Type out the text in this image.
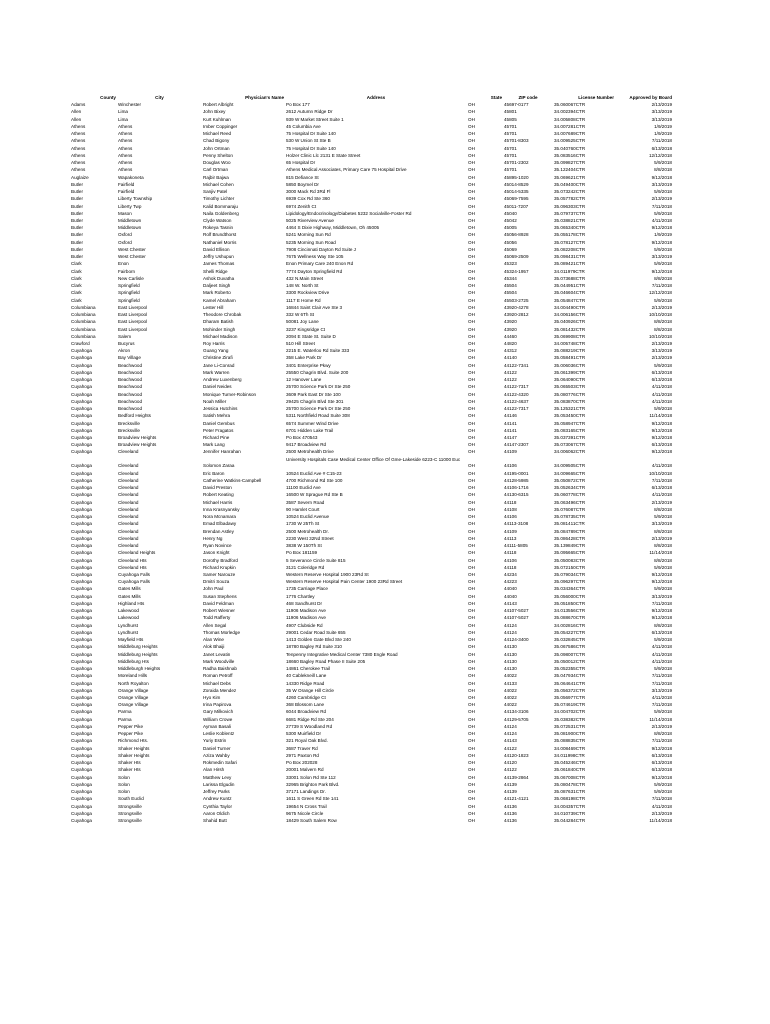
County	City	Physician's Name	Address	State	ZIP code	License Number	Approved by Board
Adams	Winchester	Robert Albright	Po Box 177	OH	45697-0177	35.060067CTR	2/13/2019
Allen	Lima	John Bixey	2612 Autumn Ridge Dr	OH	45801	34.002394CTR	3/13/2019
Allen	Lima	Kurt Kuhlman	939 W Market Street Suite 1	OH	45805	34.005808CTR	3/13/2019
Athens	Athens	Imber Coppinger	45 Columbia Ave	OH	45701	34.007281CTR	1/9/2019
Athens	Athens	Michael Reed	75 Hospital Dr Suite 140	OH	45701	34.007689CTR	1/9/2019
Athens	Athens	Chad Bigony	530 W Union St Ste B	OH	45701-8303	34.009525CTR	7/11/2018
Athens	Athens	John Ortman	75 Hospital Dr Suite 140	OH	45701	35.040760CTR	6/13/2018
Athens	Athens	Penny Shelton	Holzer Clinic Llc 2131 E State Street	OH	45701	35.083516CTR	12/12/2018
Athens	Athens	Douglas Woo	65 Hospital Dr	OH	45701-2302	35.099827CTR	5/9/2018
Athens	Athens	Carl Ortman	Athens Medical Associates, Primary Care 75 Hospital Drive	OH	45701	35.122404CTR	8/8/2018
Auglaize	Wapakoneta	Rajbir Bajwa	815 Defiance St	OH	45895-1020	35.069621CTR	9/12/2018
Butler	Fairfield	Michael Cohen	5850 Boymel Dr	OH	45014-8529	35.049400CTR	3/13/2019
Butler	Fairfield	Sanjiv Patel	3000 Mack Rd 3Rd Fl	OH	45014-5335	35.073242CTR	5/9/2018
Butler	Liberty Township	Timothy Lichter	6939 Cox Rd Ste 360	OH	45069-7595	35.057782CTR	2/13/2019
Butler	Liberty Twp	Kalid Bommaraju	6974 Zenith Ct	OH	45011-7207	35.096303CTR	7/11/2018
Butler	Mason	Naila Goldenberg	Lipidology/Endocrinology/Diabetes 5232 Socialville-Foster Rd	OH	45040	35.079737CTR	5/9/2018
Butler	Middletown	Clyde Watson	5025 Riverview Avenue	OH	45042	35.038821CTR	4/11/2018
Butler	Middletown	Rokeya Tasnin	4464 S Dixie Highway, Middletown, Oh 45005	OH	45005	35.065340CTR	9/12/2018
Butler	Oxford	Rolf Brundthorst	5241 Morning Sun Rd	OH	45056-8928	35.055178CTR	1/9/2019
Butler	Oxford	Nathaniel Morris	5235 Morning Sun Road	OH	45056	35.078127CTR	9/12/2018
Butler	West Chester	David Ellison	7908 Cincinnati Dayton Rd Suite J	OH	45069	35.082208CTR	5/9/2018
Butler	West Chester	Jeffry Ushupun	7675 Wellness Way Ste 105	OH	45069-2509	35.098431CTR	3/13/2019
Clark	Enon	James Thomas	Enon Primary Care 240 Enon Rd	OH	45323	35.089421CTR	5/9/2018
Clark	Fairborn	Shelli Ridge	7774 Dayton Springfield Rd	OH	45324-1957	34.011979CTR	9/12/2018
Clark	New Carlisle	Ashok Duvatha	432 N.Main Street	OH	45344	35.073688CTR	8/8/2018
Clark	Springfield	Daljeet Singh	148 W. North St	OH	45504	35.044951CTR	7/11/2018
Clark	Springfield	Mark Roberto	3300 Rockview Drive	OH	45504	35.046604CTR	12/12/2018
Clark	Springfield	Kamel Abraham	1117 E Home Rd	OH	45503-2725	35.054847CTR	5/9/2018
Columbiana	East Liverpool	Lester Hill	16844 Saint Clair Ave Ste 3	OH	43920-4278	34.004490CTR	2/13/2019
Columbiana	East Liverpool	Theodore Chrobak	332 W 6Th St	OH	43920-2812	34.006156CTR	10/10/2018
Columbiana	East Liverpool	Dharam Batish	50081 Joy Lane	OH	43920	35.040926CTR	8/8/2018
Columbiana	East Liverpool	Mohinder Singh	3237 Kingsridge Ct	OH	43920	35.081432CTR	8/8/2018
Columbiana	Salem	Michael Madison	2094 E State St. Suite D	OH	44460	35.069908CTR	10/10/2018
Crawford	Bucyrus	Roy Harris	510 Hill Street	OH	44820	34.005748CTR	2/13/2019
Cuyahoga	Akron	Guang Yang	2215 E. Waterloo Rd Suite 333	OH	44312	35.088219CTR	3/13/2019
Cuyahoga	Bay Village	Christine Zirafi	358 Lake Park Dr	OH	44140	35.058491CTR	2/13/2019
Cuyahoga	Beachwood	Jane Li-Conrad	3401 Enterprise Pkwy	OH	44122-7341	35.006036CTR	5/9/2018
Cuyahoga	Beachwood	Mark Warren	25550 Chagrin Blvd. Suite 200	OH	44122	35.061399CTR	6/13/2018
Cuyahoga	Beachwood	Andrew Luxenberg	12 Hanover Lane	OH	44122	35.064090CTR	6/13/2018
Cuyahoga	Beachwood	Daniel Neides	25700 Science Park Dr Ste 250	OH	44122-7317	35.065503CTR	4/11/2018
Cuyahoga	Beachwood	Monique Turner-Robinson	3609 Park East Dr Ste 100	OH	44122-4320	35.080776CTR	4/11/2018
Cuyahoga	Beachwood	Noah Miller	29425 Chagrin Blvd Ste 301	OH	44122-4637	35.083870CTR	4/11/2018
Cuyahoga	Beachwood	Jessica Hutchins	25700 Science Park Dr Ste 250	OH	44122-7317	35.125321CTR	5/9/2018
Cuyahoga	Bedford Heights	Satish Mehra	5311 Northfield Road Suite 308	OH	44146	35.053450CTR	11/14/2018
Cuyahoga	Brecksville	Daniel Gembus	6574 Summer Wind Drive	OH	44141	35.058947CTR	9/12/2018
Cuyahoga	Brecksville	Peter Fragatos	6701 Hidden Lake Trail	OH	44141	35.083165CTR	9/12/2018
Cuyahoga	Broadview Heights	Richard Pine	Po Box 470543	OH	44147	35.037391CTR	9/12/2018
Cuyahoga	Broadview Heights	Mark Lang	9417 Broadview Rd	OH	44147-2307	35.073067CTR	6/13/2018
Cuyahoga	Cleveland	Jennifer Hanrahan	2500 Metrohealth Drive	OH	44109	34.006062CTR	9/12/2018
Cuyahoga	Cleveland	Solomon Zaraa	University Hospitals Case Medical Center Office Of Gme-Lakeside 6223-C 11000 Euc	OH	44106	34.009505CTR	4/11/2018
Cuyahoga	Cleveland	Eric Baron	10524 Euclid Ave # C15-23	OH	44195-0001	34.009665CTR	10/10/2018
Cuyahoga	Cleveland	Catherine Watkins-Campbell	4700 Richmond Rd Ste 100	OH	44128-5985	35.050872CTR	7/11/2018
Cuyahoga	Cleveland	David Preston	11100 Euclid Ave	OH	44106-1716	35.052634CTR	6/13/2018
Cuyahoga	Cleveland	Robert Keating	16500 W Sprague Rd Ste B	OH	44130-6315	35.060778CTR	4/11/2018
Cuyahoga	Cleveland	Michael Harris	3587 Severn Road	OH	44118	35.063496CTR	2/13/2019
Cuyahoga	Cleveland	Inna Krasnyansky	90 Hamlet Court	OH	44108	35.076087CTR	8/8/2018
Cuyahoga	Cleveland	Nora Mcnamara	10524 Euclid Avenue	OH	44106	35.078735CTR	5/9/2018
Cuyahoga	Cleveland	Emad Elbadawy	1730 W 25Th St	OH	44113-3108	35.081411CTR	3/13/2019
Cuyahoga	Cleveland	Brendan Astley	2500 Metrohealth Dr.	OH	44109	35.084789CTR	8/8/2018
Cuyahoga	Cleveland	Henry Ng	2230 West 32Nd Street	OH	44113	35.086428CTR	2/13/2019
Cuyahoga	Cleveland	Ryan Novince	3838 W 150Th St	OH	44111-5805	35.139849CTR	8/8/2018
Cuyahoga	Cleveland Heights	Jason Knight	Po Box 181159	OH	44118	35.095665CTR	11/14/2018
Cuyahoga	Cleveland Hts	Dorothy Bradford	5 Severance Circle Suite 815	OH	44106	35.050083CTR	8/8/2018
Cuyahoga	Cleveland Hts	Richard Krupkin	3121 Coleridge Rd	OH	44118	35.072150CTR	5/9/2018
Cuyahoga	Cuyahoga Falls	Samer Narouze	Western Reserve Hospital 1900 23Rd St	OH	44234	35.079034CTR	9/12/2018
Cuyahoga	Cuyahoga Falls	Dmitri Souza	Western Reserve Hospital Pain Center 1900 23Rd Street	OH	44223	35.096297CTR	9/12/2018
Cuyahoga	Gates Mills	John Paul	1735 Carriage Place	OH	44040	35.034364CTR	5/9/2018
Cuyahoga	Gates Mills	Susan Stephens	1776 Chartley	OH	44040	35.056000CTR	3/13/2019
Cuyahoga	Highland Hts	David Feldman	468 Sandhurst Dr	OH	44143	35.051850CTR	7/11/2018
Cuyahoga	Lakewood	Robert Wiesner	11906 Madison Ave	OH	44107-5027	34.013556CTR	9/12/2018
Cuyahoga	Lakewood	Todd Rafferty	11906 Madison Ave	OH	44107-5027	35.088670CTR	9/12/2018
Cuyahoga	Lyndhurst	Allen Segal	4907 Clubside Rd	OH	44124	34.002816CTR	8/8/2018
Cuyahoga	Lyndhurst	Thomas Morledge	29001 Cedar Road Suite 655	OH	44124	35.054227CTR	6/13/2018
Cuyahoga	Mayfield Hts	Alan Wine	1413 Golden Gate Blvd Ste 240	OH	44124-3400	35.032845CTR	5/9/2018
Cuyahoga	Middleburg Heights	Alok Bhaiji	18780 Bagley Rd Suite 310	OH	44130	35.067586CTR	4/11/2018
Cuyahoga	Middleburg Heights	Janet Levatin	Tenpenny Integrative Medical Center 7380 Engle Road	OH	44130	35.098007CTR	4/11/2018
Cuyahoga	Middleburg Hts	Mark Woodville	18660 Bagley Road Phase II Suite 205	OH	44130	35.050012CTR	4/11/2018
Cuyahoga	Middleburgh Heights	Radha Baishnab	14861 Cherokee Trail	OH	44130	35.052355CTR	5/9/2018
Cuyahoga	Moreland Hills	Roman Petroff	40 Cablekneill Lane	OH	44022	35.047934CTR	7/11/2018
Cuyahoga	North Royalton	Michael Debs	14330 Ridge Road	OH	44133	35.064641CTR	7/11/2018
Cuyahoga	Orange Village	Zoraida Mendez	35 W Orange Hill Circle	OH	44022	35.056372CTR	3/13/2019
Cuyahoga	Orange Village	Hyo Kim	4260 Cambridge Ct	OH	44022	35.056977CTR	4/11/2018
Cuyahoga	Orange Village	Irina Papirova	368 Blossom Lane	OH	44022	35.074619CTR	7/11/2018
Cuyahoga	Parma	Gary Milkovich	6044 Broadview Rd	OH	44134-3106	34.004702CTR	5/9/2018
Cuyahoga	Parma	William Crowe	6681 Ridge Rd Ste 204	OH	44129-5705	35.038382CTR	11/14/2018
Cuyahoga	Pepper Pike	Ayman Basali	27739 S Woodland Rd	OH	44124	35.072531CTR	2/13/2019
Cuyahoga	Pepper Pike	Leslie Koblentz	5300 Muirfield Dr	OH	44124	35.081900CTR	8/8/2018
Cuyahoga	Richmond Hts.	Yuriy Estrin	321 Royal Oak Blvd.	OH	44143	35.088835CTR	7/11/2018
Cuyahoga	Shaker Heights	Daniel Turner	3687 Traver Rd	OH	44122	34.008469CTR	9/12/2018
Cuyahoga	Shaker Heights	Aziza Wahby	2971 Paxton Rd	OH	44120-1823	34.011998CTR	6/13/2018
Cuyahoga	Shaker Hts	Rokmedin Safari	Po Box 202028	OH	44120	35.045246CTR	6/13/2018
Cuyahoga	Shaker Hts	Alan Hirsh	20001 Malvern Rd	OH	44122	35.061840CTR	6/13/2018
Cuyahoga	Solon	Matthew Levy	33001 Solon Rd Ste 112	OH	44139-2864	35.067008CTR	9/12/2018
Cuyahoga	Solon	Larissa Elgudin	32965 Brighton Park Blvd.	OH	44139	35.080478CTR	5/9/2018
Cuyahoga	Solon	Jeffrey Parks	37171 Landings Dr.	OH	44139	35.087631CTR	5/9/2018
Cuyahoga	South Euclid	Andrew Kuntz	1611 S Green Rd Ste 141	OH	44121-4121	35.068198CTR	7/11/2018
Cuyahoga	Strongsville	Cynthia Taylor	19654 N Cross Trail	OH	44136	34.004357CTR	4/11/2018
Cuyahoga	Strongsville	Aaron Oldich	9675 Nicole Circle	OH	44136	34.010739CTR	2/13/2019
Cuyahoga	Strongsville	Shahid Butt	18429 South Salem Row	OH	44136	35.044284CTR	11/14/2018
